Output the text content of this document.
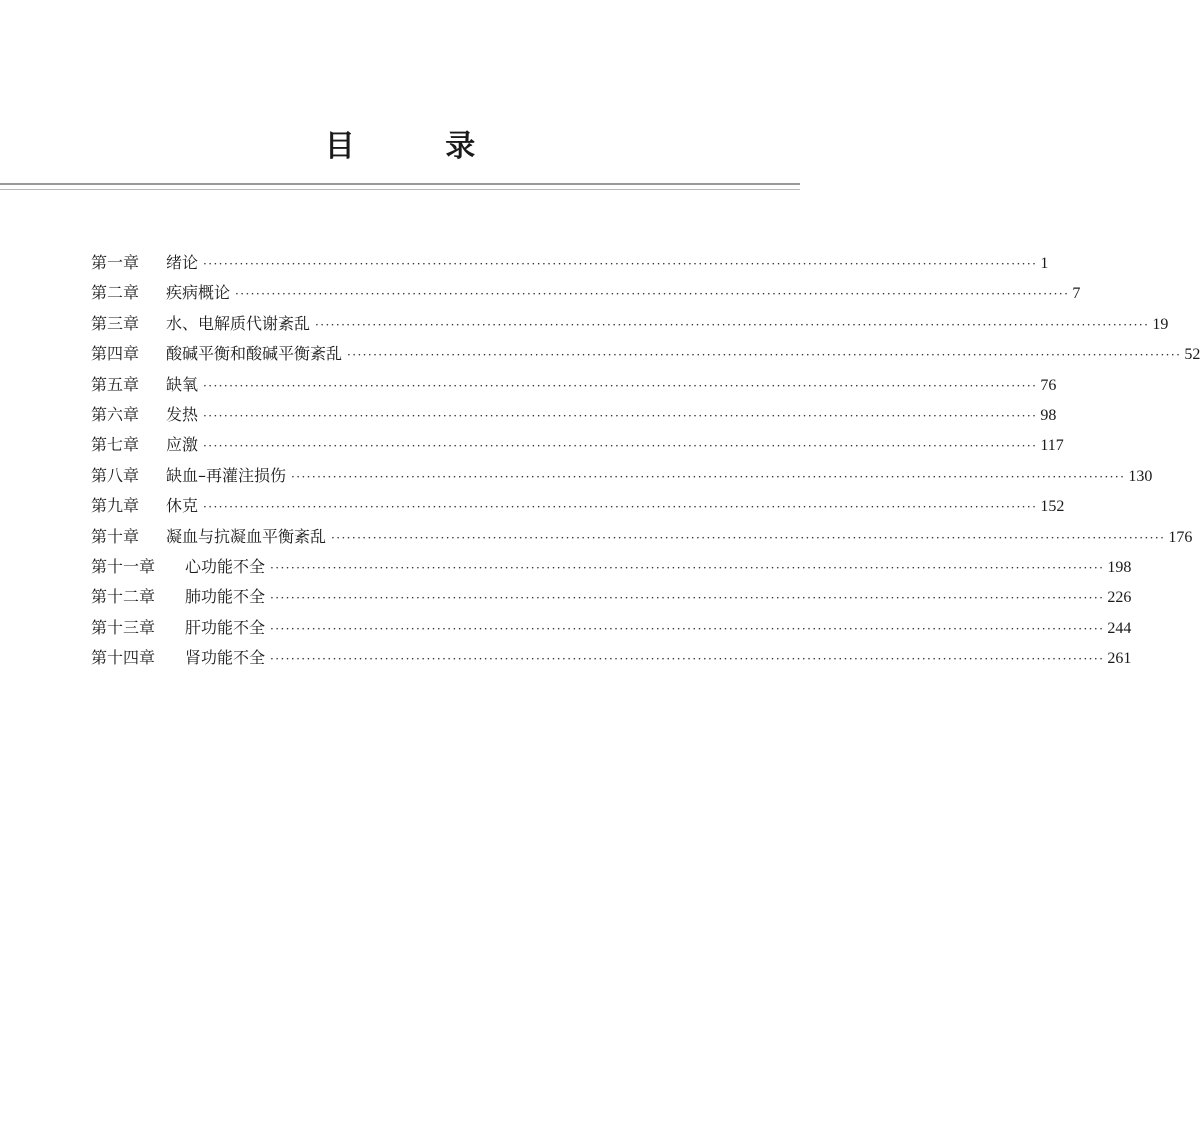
目 录
第一章	绪论 ································································································································································ 1
第二章	疾病概论 ································································································································································ 7
第三章	水、电解质代谢紊乱 ································································································································································ 19
第四章	酸碱平衡和酸碱平衡紊乱 ································································································································································ 52
第五章	缺氧 ································································································································································ 76
第六章	发热 ································································································································································ 98
第七章	应激 ································································································································································ 117
第八章	缺血–再灌注损伤 ································································································································································ 130
第九章	休克 ································································································································································ 152
第十章	凝血与抗凝血平衡紊乱 ································································································································································ 176
第十一章	心功能不全 ································································································································································ 198
第十二章	肺功能不全 ································································································································································ 226
第十三章	肝功能不全 ································································································································································ 244
第十四章	肾功能不全 ································································································································································ 261
